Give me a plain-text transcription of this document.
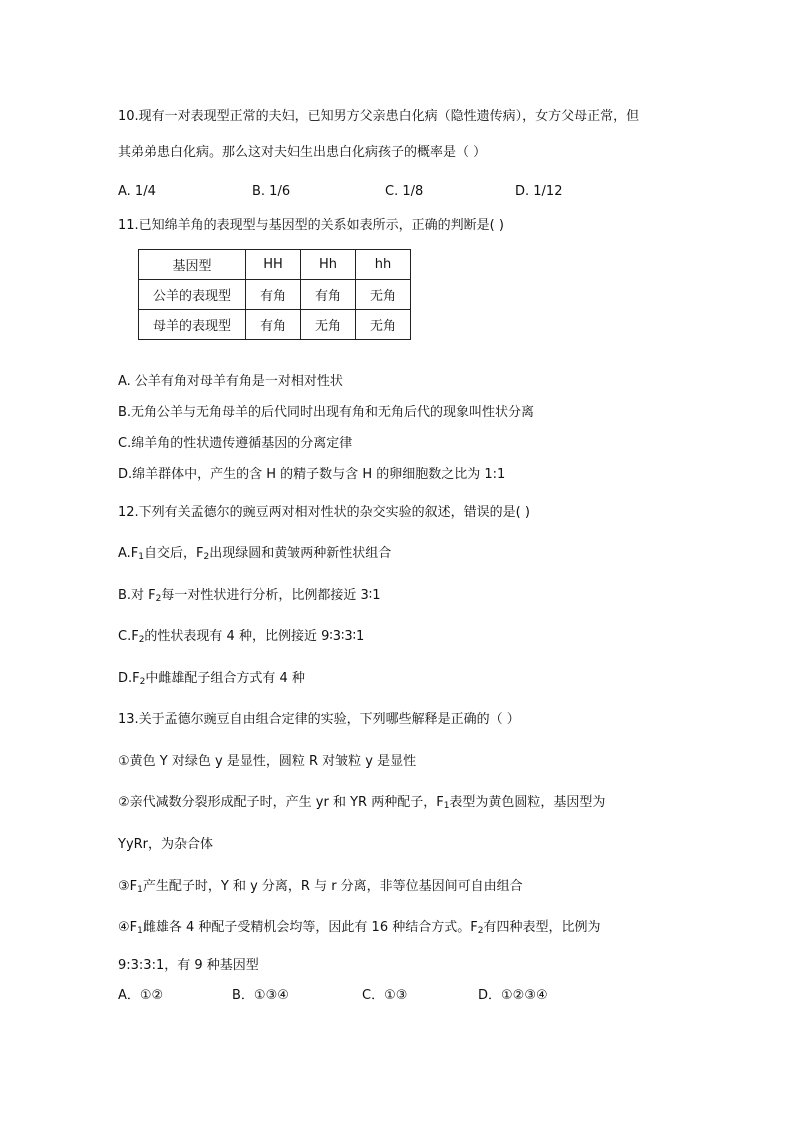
10.现有一对表现型正常的夫妇，已知男方父亲患白化病（隐性遗传病），女方父母正常，但
其弟弟患白化病。那么这对夫妇生出患白化病孩子的概率是（ ）
A. 1/4	B. 1/6	C. 1/8	D. 1/12
11.已知绵羊角的表现型与基因型的关系如表所示，正确的判断是( )
基因型	HH	Hh	hh
公羊的表现型	有角	有角	无角
母羊的表现型	有角	无角	无角
A. 公羊有角对母羊有角是一对相对性状
B.无角公羊与无角母羊的后代同时出现有角和无角后代的现象叫性状分离
C.绵羊角的性状遗传遵循基因的分离定律
D.绵羊群体中，产生的含 H 的精子数与含 H 的卵细胞数之比为 1:1
12.下列有关孟德尔的豌豆两对相对性状的杂交实验的叙述，错误的是( )
$A.F_1$自交后，$F_2$出现绿圆和黄皱两种新性状组合
B.对 $F_2$每一对性状进行分析，比例都接近 3∶1
$C.F_2$的性状表现有 4 种，比例接近 9∶3∶3∶1
$D.F_2$中雌雄配子组合方式有 4 种
13.关于孟德尔豌豆自由组合定律的实验，下列哪些解释是正确的（ ）
①黄色 Y 对绿色 y 是显性，圆粒 R 对皱粒 y 是显性
②亲代减数分裂形成配子时，产生 yr 和 YR 两种配子，$F_1$表型为黄色圆粒，基因型为
YyRr，为杂合体
$③F_1$产生配子时，Y 和 y 分离，R 与 r 分离，非等位基因间可自由组合
$④F_1$雌雄各 4 种配子受精机会均等，因此有 16 种结合方式。$F_2$有四种表型，比例为
9:3:3:1，有 9 种基因型
A．①②	B．①③④	C．①③	D．①②③④
